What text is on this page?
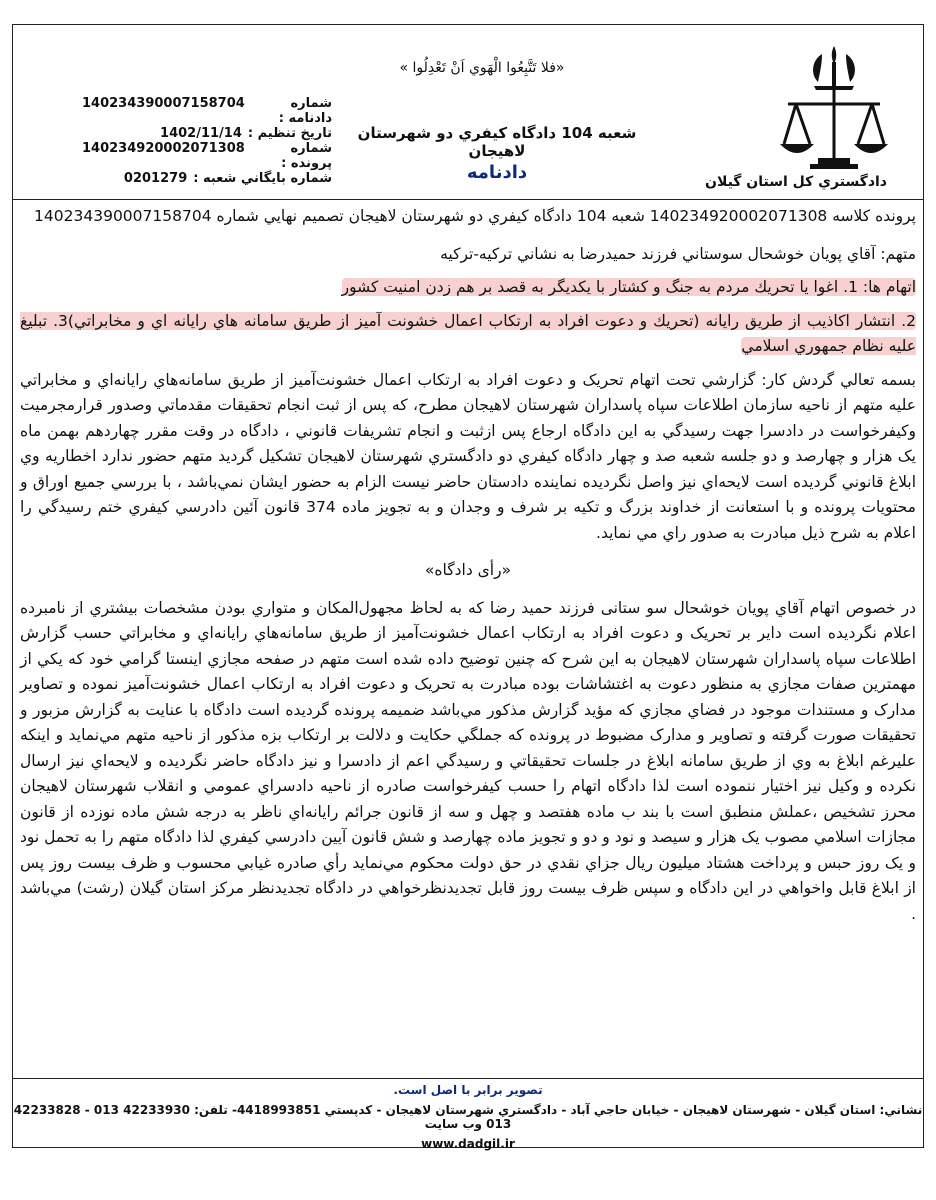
دادگستري كل استان گيلان
«فلا تَتَّبِعُوا الْهَوي اَنْ تَعْدِلُوا »
شعبه 104 دادگاه كيفري دو شهرستان لاهيجان
دادنامه
شماره دادنامه :
140234390007158704
تاريخ تنظيم :
1402/11/14
شماره پرونده :
140234920002071308
شماره بايگاني شعبه :
0201279

پرونده كلاسه 140234920002071308 شعبه 104 دادگاه كيفري دو شهرستان لاهيجان تصميم نهايي شماره 140234390007158704

متهم: آقاي پويان خوشحال سوستاني فرزند حميدرضا به نشاني تركيه-تركيه

اتهام ها: 1. اغوا يا تحريك مردم به جنگ و كشتار با يكديگر به قصد بر هم زدن امنيت كشور

2. انتشار اكاذيب از طريق رايانه (تحريك و دعوت افراد به ارتكاب اعمال خشونت آميز از طريق سامانه هاي رايانه اي و مخابراتي)3. تبليغ عليه نظام جمهوري اسلامي

بسمه تعالي گردش كار: گزارشي تحت اتهام تحريک و دعوت افراد به ارتكاب اعمال خشونت‌آميز از طريق سامانه‌هاي رايانه‌اي و مخابراتي عليه متهم از ناحيه سازمان اطلاعات سپاه پاسداران شهرستان لاهيجان مطرح، كه پس از ثبت انجام تحقيقات مقدماتي وصدور قرارمجرميت وكيفرخواست در دادسرا جهت رسيدگي به اين دادگاه ارجاع پس ازثبت و انجام تشريفات قانوني ، دادگاه در وقت مقرر چهاردهم بهمن ماه يک هزار و چهارصد و دو جلسه شعبه صد و چهار دادگاه كيفري دو دادگستري شهرستان لاهيجان تشكيل گرديد متهم حضور ندارد اخطاريه وي ابلاغ قانوني گرديده است لايحه‌اي نيز واصل نگرديده نماينده دادستان حاضر نيست الزام به حضور ايشان نمي‌باشد ، با بررسي جميع اوراق و محتويات پرونده و با استعانت از خداوند بزرگ و تكيه بر شرف و وجدان و به تجويز ماده 374 قانون آئين دادرسي كيفري ختم رسيدگي را اعلام به شرح ذيل مبادرت به صدور راي مي نمايد.

«رأی دادگاه»

در خصوص اتهام آقاي پويان خوشحال سو ستانی فرزند حمید رضا كه به لحاظ مجهول‌المكان و متواري بودن مشخصات بيشتري از نامبرده اعلام نگرديده است داير بر تحريک و دعوت افراد به ارتكاب اعمال خشونت‌آميز از طريق سامانه‌هاي رايانه‌اي و مخابراتي حسب گزارش اطلاعات سپاه پاسداران شهرستان لاهيجان به اين شرح كه چنين توضيح داده شده است متهم در صفحه مجازي اينستا گرامي خود كه يكي از مهمترين صفات مجازي به منظور دعوت به اغتشاشات بوده مبادرت به تحريک و دعوت افراد به ارتكاب اعمال خشونت‌آميز نموده و تصاوير مدارک و مستندات موجود در فضاي مجازي كه مؤيد گزارش مذكور مي‌باشد ضميمه پرونده گرديده است دادگاه با عنايت به گزارش مزبور و تحقيقات صورت گرفته و تصاوير و مدارک مضبوط در پرونده كه جملگي حكايت و دلالت بر ارتكاب بزه مذكور از ناحيه متهم مي‌نمايد و اينكه عليرغم ابلاغ به وي از طريق سامانه ابلاغ در جلسات تحقيقاتي و رسيدگي اعم از دادسرا و نيز دادگاه حاضر نگرديده و لايحه‌اي نيز ارسال نكرده و وكيل نيز اختيار ننموده است لذا دادگاه اتهام را حسب كيفرخواست صادره از ناحيه دادسراي عمومي و انقلاب شهرستان لاهيجان محرز تشخيص ،عملش منطبق است با بند ب ماده هفتصد و چهل و سه از قانون جرائم رايانه‌اي ناظر به درجه شش ماده نوزده از قانون مجازات اسلامي مصوب يک هزار و سيصد و نود و دو و تجويز ماده چهارصد و شش قانون آيين دادرسي كيفري لذا دادگاه متهم را به تحمل نود و يک روز حبس و پرداخت هشتاد ميليون ريال جزاي نقدي در حق دولت محكوم مي‌نمايد رأي صادره غيابي محسوب و ظرف بيست روز پس از ابلاغ قابل واخواهي در اين دادگاه و سپس ظرف بيست روز قابل تجديدنظرخواهي در دادگاه تجديدنظر مركز استان گيلان (رشت) مي‌باشد .

تصوير برابر با اصل است.
نشاني: استان گيلان - شهرستان لاهيجان - خيابان حاجي آباد - دادگستري شهرستان لاهيجان - كدپستي 4418993851- تلفن: 42233930 013 - 42233828 013 وب سايت
www.dadgil.ir
